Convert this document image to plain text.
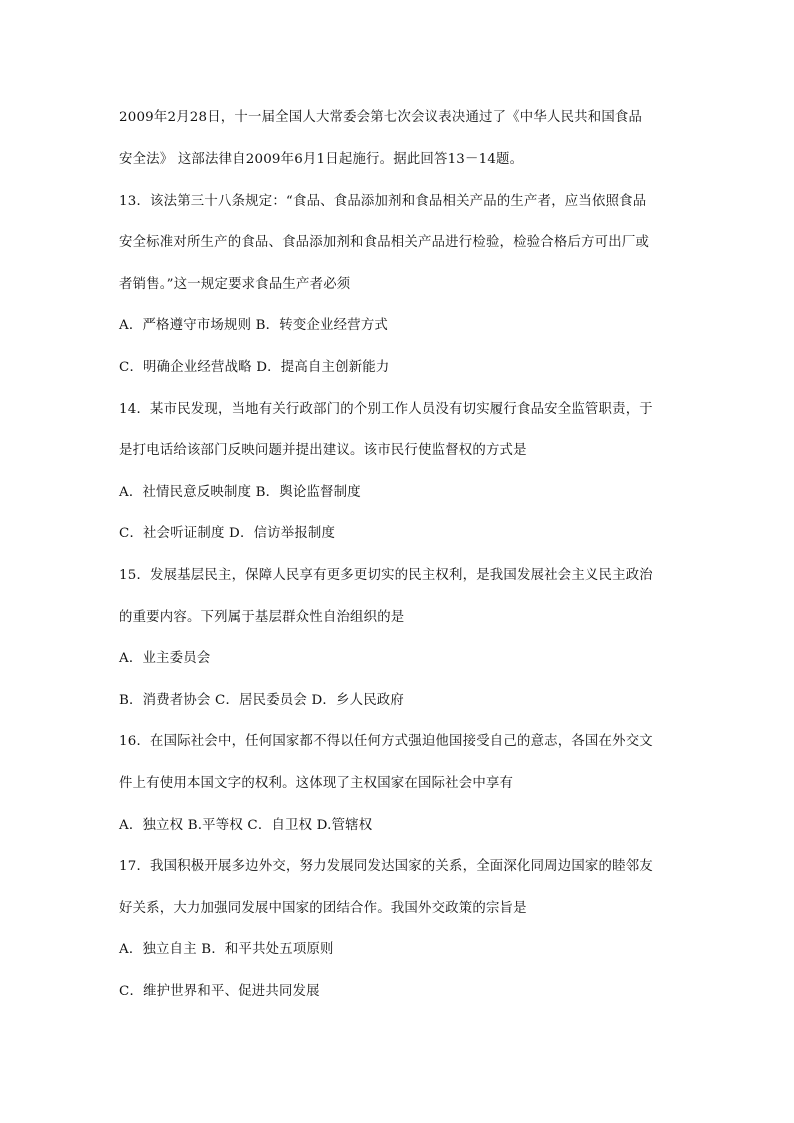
2009年2月28日，十一届全国人大常委会第七次会议表决通过了《中华人民共和国食品
安全法》 这部法律自2009年6月1日起施行。据此回答13－14题。
13．该法第三十八条规定：“食品、食品添加剂和食品相关产品的生产者，应当依照食品
安全标准对所生产的食品、食品添加剂和食品相关产品进行检验，检验合格后方可出厂或
者销售。”这一规定要求食品生产者必须
A．严格遵守市场规则 B．转变企业经营方式
C．明确企业经营战略 D．提高自主创新能力
14．某市民发现，当地有关行政部门的个别工作人员没有切实履行食品安全监管职责，于
是打电话给该部门反映问题并提出建议。该市民行使监督权的方式是
A．社情民意反映制度 B．舆论监督制度
C．社会听证制度 D．信访举报制度
15．发展基层民主，保障人民享有更多更切实的民主权利，是我国发展社会主义民主政治
的重要内容。下列属于基层群众性自治组织的是
A．业主委员会
B．消费者协会 C．居民委员会 D．乡人民政府
16．在国际社会中，任何国家都不得以任何方式强迫他国接受自己的意志，各国在外交文
件上有使用本国文字的权利。这体现了主权国家在国际社会中享有
A．独立权 B.平等权 C．自卫权 D.管辖权
17．我国积极开展多边外交，努力发展同发达国家的关系，全面深化同周边国家的睦邻友
好关系，大力加强同发展中国家的团结合作。我国外交政策的宗旨是
A．独立自主 B．和平共处五项原则
C．维护世界和平、促进共同发展
